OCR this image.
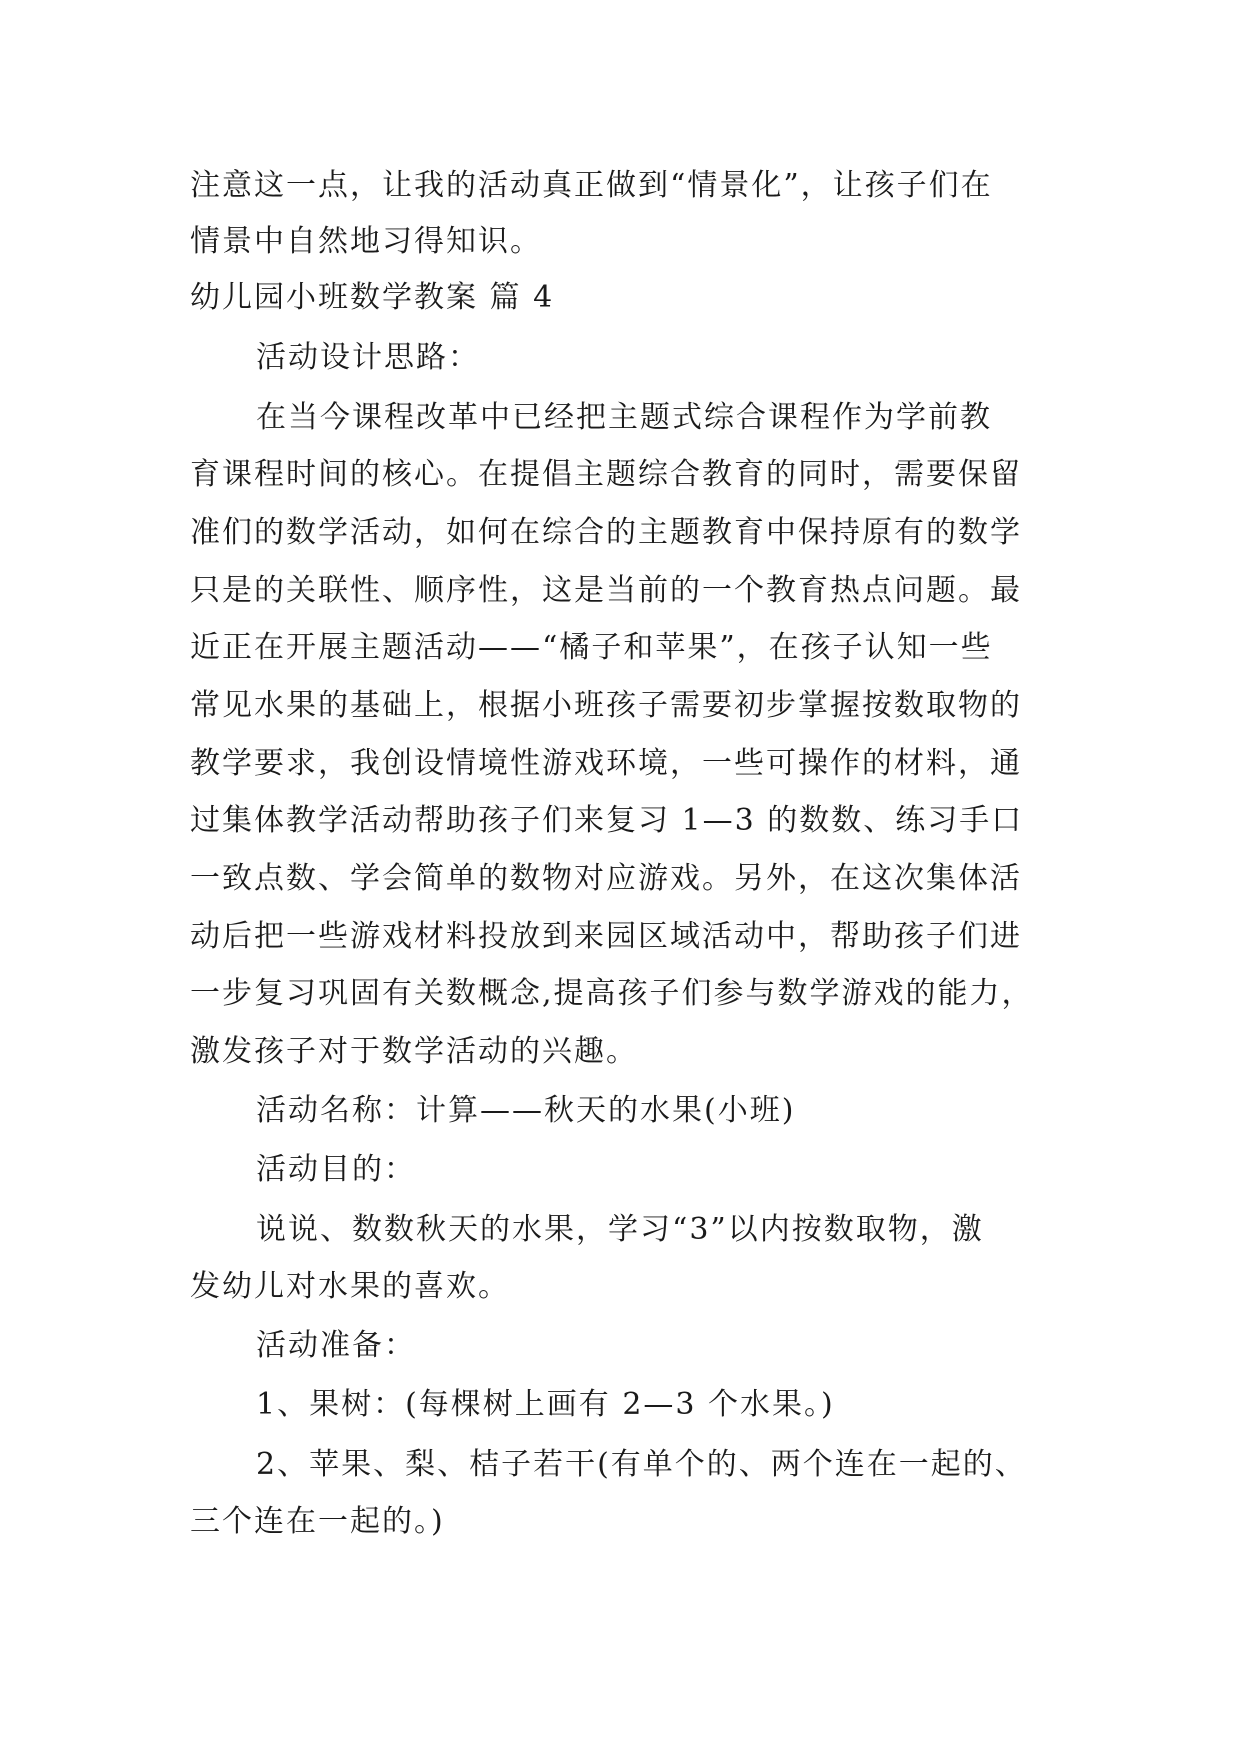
注意这一点，让我的活动真正做到“情景化”，让孩子们在
情景中自然地习得知识。
幼儿园小班数学教案 篇 4
活动设计思路：
在当今课程改革中已经把主题式综合课程作为学前教
育课程时间的核心。在提倡主题综合教育的同时，需要保留
准们的数学活动，如何在综合的主题教育中保持原有的数学
只是的关联性、顺序性，这是当前的一个教育热点问题。最
近正在开展主题活动——“橘子和苹果”，在孩子认知一些
常见水果的基础上，根据小班孩子需要初步掌握按数取物的
教学要求，我创设情境性游戏环境，一些可操作的材料，通
过集体教学活动帮助孩子们来复习 1—3 的数数、练习手口
一致点数、学会简单的数物对应游戏。另外，在这次集体活
动后把一些游戏材料投放到来园区域活动中，帮助孩子们进
一步复习巩固有关数概念,提高孩子们参与数学游戏的能力，
激发孩子对于数学活动的兴趣。
活动名称：计算——秋天的水果(小班)
活动目的：
说说、数数秋天的水果，学习“3”以内按数取物，激
发幼儿对水果的喜欢。
活动准备：
1、果树：(每棵树上画有 2—3 个水果。)
2、苹果、梨、桔子若干(有单个的、两个连在一起的、
三个连在一起的。)
